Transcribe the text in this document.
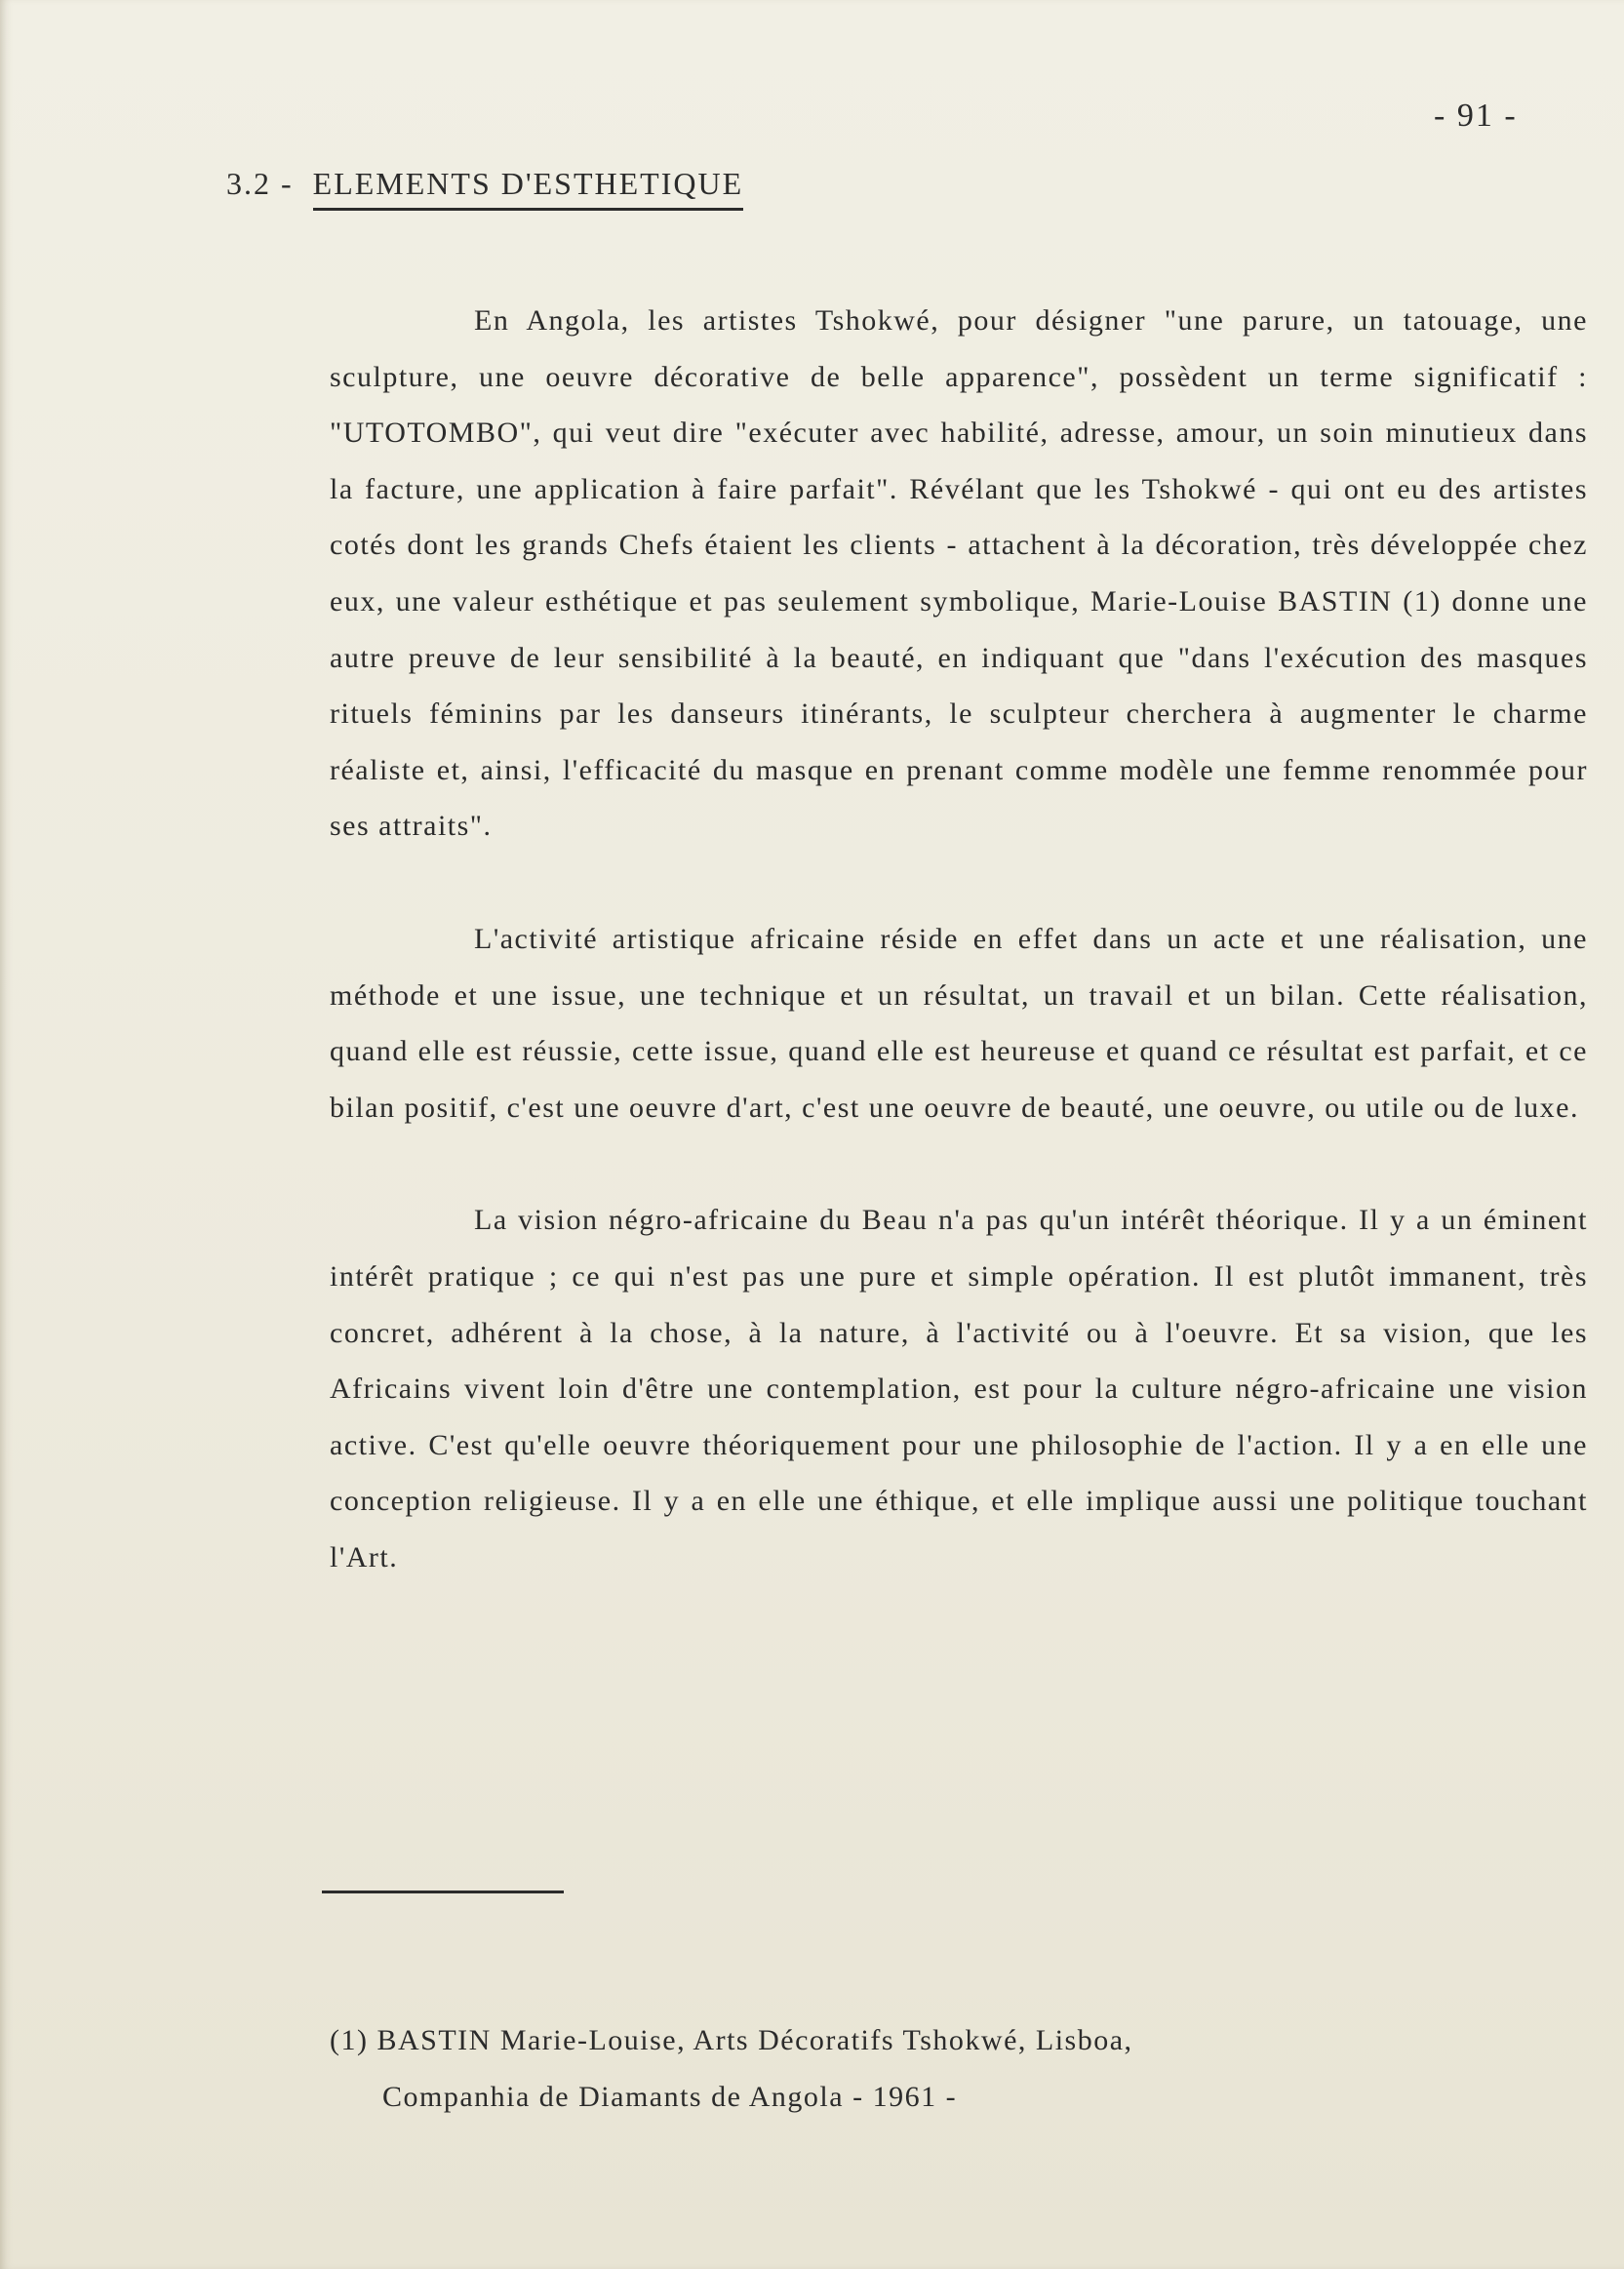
- 91 -
3.2 - ELEMENTS D'ESTHETIQUE

En Angola, les artistes Tshokwé, pour désigner "une parure, un tatouage, une sculpture, une oeuvre décorative de belle apparence", possèdent un terme significatif : "UTOTOMBO", qui veut dire "exécuter avec habilité, adresse, amour, un soin minutieux dans la facture, une application à faire parfait". Révélant que les Tshokwé - qui ont eu des artistes cotés dont les grands Chefs étaient les clients - attachent à la décoration, très développée chez eux, une valeur esthétique et pas seulement symbolique, Marie-Louise BASTIN (1) donne une autre preuve de leur sensibilité à la beauté, en indiquant que "dans l'exécution des masques rituels féminins par les danseurs itinérants, le sculpteur cherchera à augmenter le charme réaliste et, ainsi, l'efficacité du masque en prenant comme modèle une femme renommée pour ses attraits".

L'activité artistique africaine réside en effet dans un acte et une réalisation, une méthode et une issue, une technique et un résultat, un travail et un bilan. Cette réalisation, quand elle est réussie, cette issue, quand elle est heureuse et quand ce résultat est parfait, et ce bilan positif, c'est une oeuvre d'art, c'est une oeuvre de beauté, une oeuvre, ou utile ou de luxe.

La vision négro-africaine du Beau n'a pas qu'un intérêt théorique. Il y a un éminent intérêt pratique ; ce qui n'est pas une pure et simple opération. Il est plutôt immanent, très concret, adhérent à la chose, à la nature, à l'activité ou à l'oeuvre. Et sa vision, que les Africains vivent loin d'être une contemplation, est pour la culture négro-africaine une vision active. C'est qu'elle oeuvre théoriquement pour une philosophie de l'action. Il y a en elle une conception religieuse. Il y a en elle une éthique, et elle implique aussi une politique touchant l'Art.

(1) BASTIN Marie-Louise, Arts Décoratifs Tshokwé, Lisboa,
Companhia de Diamants de Angola - 1961 -
